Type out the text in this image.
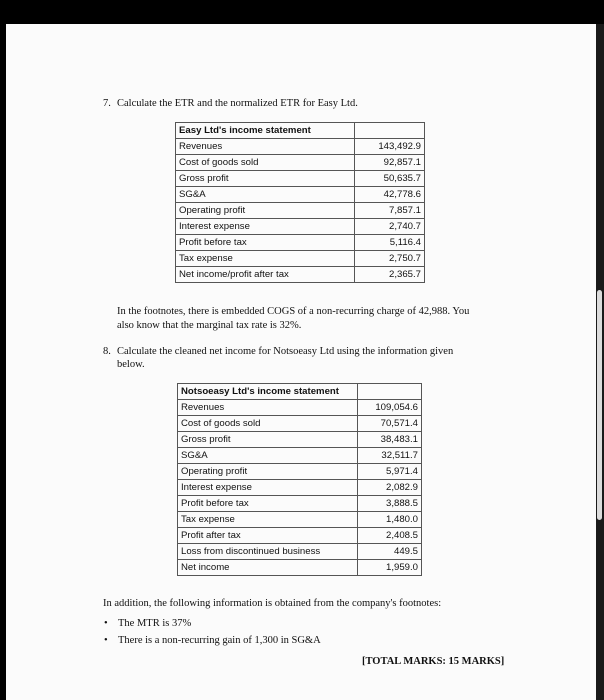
7. Calculate the ETR and the normalized ETR for Easy Ltd.
Easy Ltd's income statement	
Revenues	143,492.9
Cost of goods sold	92,857.1
Gross profit	50,635.7
SG&A	42,778.6
Operating profit	7,857.1
Interest expense	2,740.7
Profit before tax	5,116.4
Tax expense	2,750.7
Net income/profit after tax	2,365.7
In the footnotes, there is embedded COGS of a non-recurring charge of 42,988. You
also know that the marginal tax rate is 32%.
8. Calculate the cleaned net income for Notsoeasy Ltd using the information given
below.
Notsoeasy Ltd's income statement	
Revenues	109,054.6
Cost of goods sold	70,571.4
Gross profit	38,483.1
SG&A	32,511.7
Operating profit	5,971.4
Interest expense	2,082.9
Profit before tax	3,888.5
Tax expense	1,480.0
Profit after tax	2,408.5
Loss from discontinued business	449.5
Net income	1,959.0
In addition, the following information is obtained from the company's footnotes:
• The MTR is 37%
• There is a non-recurring gain of 1,300 in SG&A
[TOTAL MARKS: 15 MARKS]
